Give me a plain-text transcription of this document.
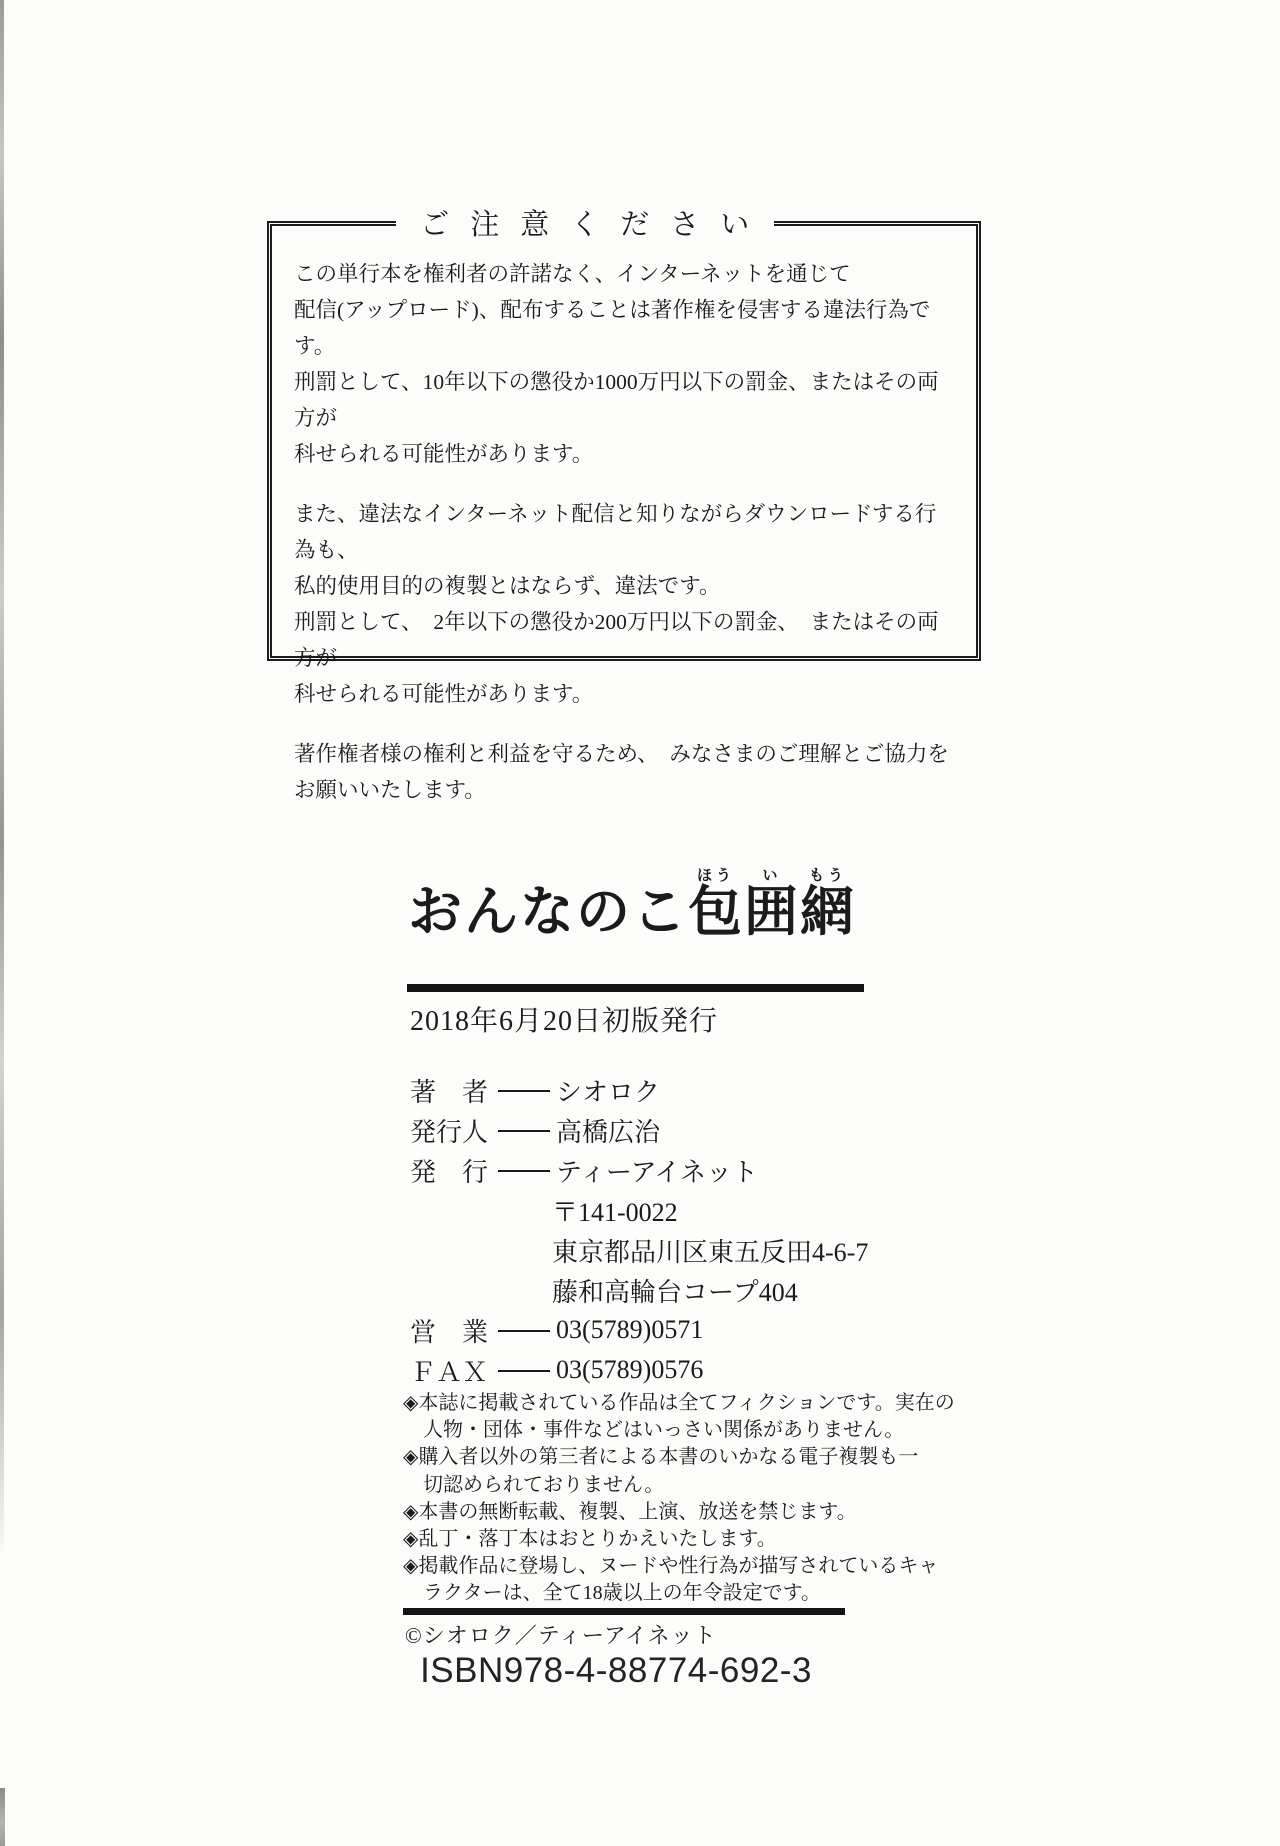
ご注意ください
この単行本を権利者の許諾なく、インターネットを通じて
配信(アップロード)、配布することは著作権を侵害する違法行為です。
刑罰として、10年以下の懲役か1000万円以下の罰金、またはその両方が
科せられる可能性があります。
また、違法なインターネット配信と知りながらダウンロードする行為も、
私的使用目的の複製とはならず、違法です。
刑罰として、　2年以下の懲役か200万円以下の罰金、　またはその両方が
科せられる可能性があります。
著作権者様の権利と利益を守るため、　みなさまのご理解とご協力を
お願いいたします。
おんなのこ包ほう囲い網もう
2018年6月20日初版発行
著　者	シオロク
発行人	高橋広治
発　行	ティーアイネット
〒141-0022
東京都品川区東五反田4-6-7
藤和高輪台コープ404
営　業	03(5789)0571
ＦＡＸ	03(5789)0576
◈本誌に掲載されている作品は全てフィクションです。実在の
人物・団体・事件などはいっさい関係がありません。
◈購入者以外の第三者による本書のいかなる電子複製も一
切認められておりません。
◈本書の無断転載、複製、上演、放送を禁じます。
◈乱丁・落丁本はおとりかえいたします。
◈掲載作品に登場し、ヌードや性行為が描写されているキャ
ラクターは、全て18歳以上の年令設定です。
©シオロク／ティーアイネット
ISBN978-4-88774-692-3
